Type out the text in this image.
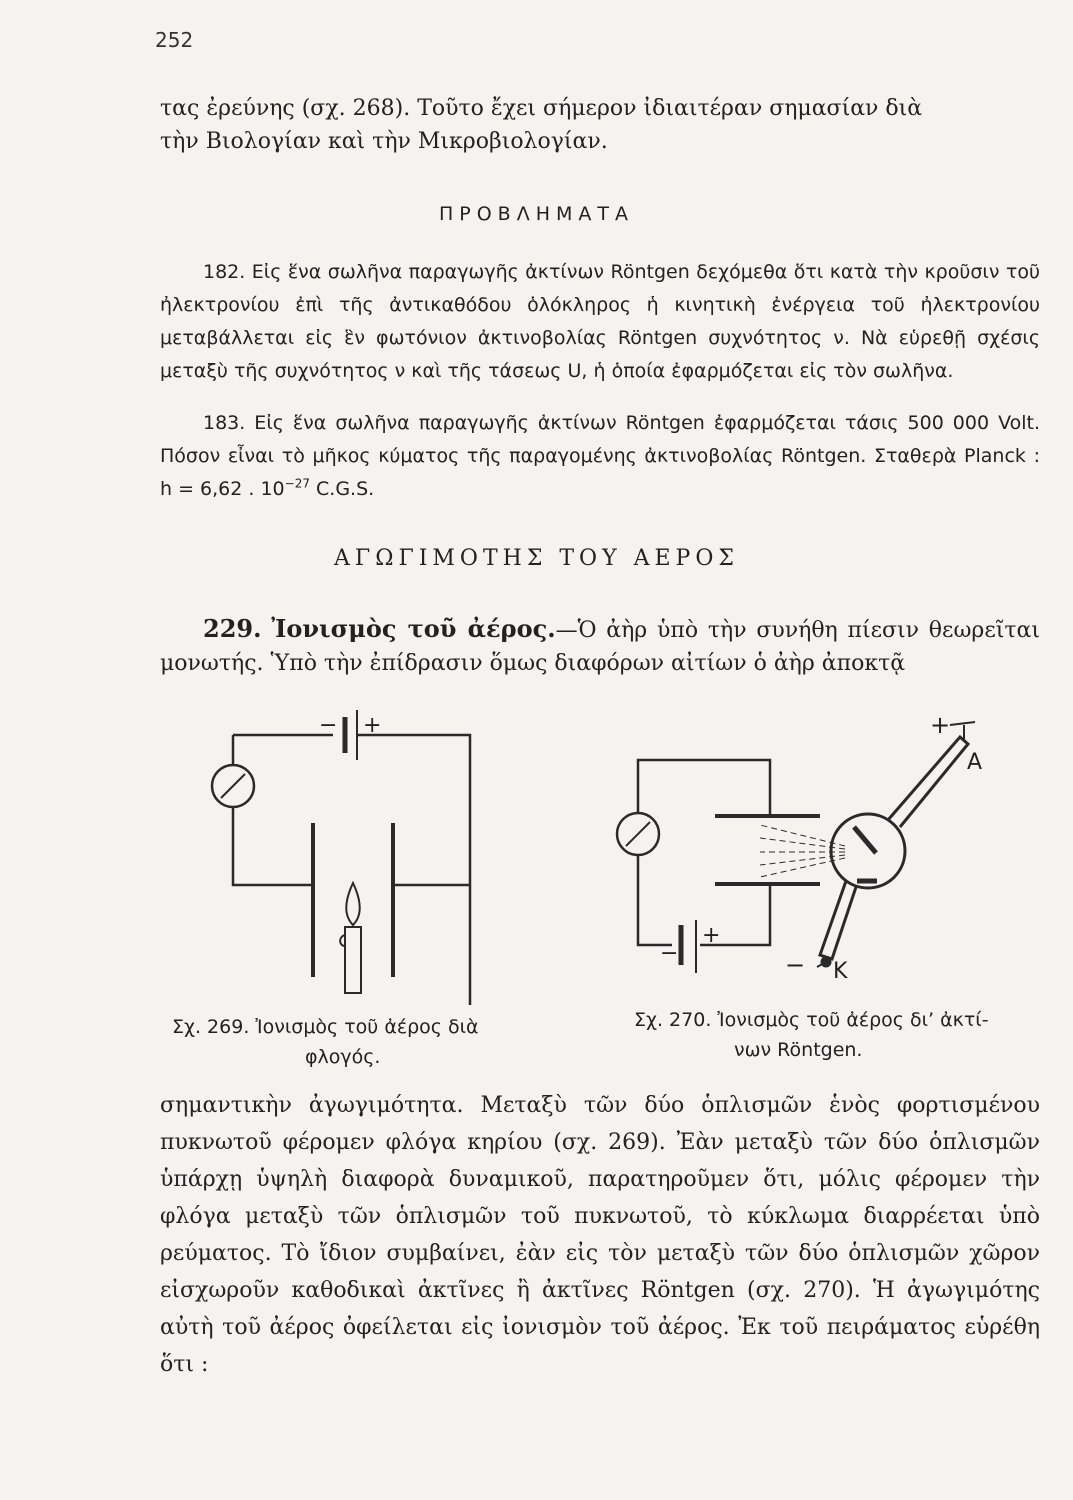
252

τας ἐρεύνης (σχ. 268). Τοῦτο ἔχει σήμερον ἰδιαιτέραν σημασίαν διὰ
τὴν Βιολογίαν καὶ τὴν Μικροβιολογίαν.

ΠΡΟΒΛΗΜΑΤΑ

182. Εἰς ἕνα σωλῆνα παραγωγῆς ἀκτίνων Röntgen δεχόμεθα ὅτι κατὰ τὴν κροῦσιν τοῦ ἠλεκτρονίου ἐπὶ τῆς ἀντικαθόδου ὁλόκληρος ἡ κινητικὴ ἐνέργεια τοῦ ἠλεκτρονίου μεταβάλλεται εἰς ἓν φωτόνιον ἀκτινοβολίας Röntgen συχνότητος ν. Νὰ εὑρεθῇ σχέσις μεταξὺ τῆς συχνότητος ν καὶ τῆς τάσεως U, ἡ ὁποία ἐφαρμόζεται εἰς τὸν σωλῆνα.

183. Εἰς ἕνα σωλῆνα παραγωγῆς ἀκτίνων Röntgen ἐφαρμόζεται τάσις 500 000 Volt. Πόσον εἶναι τὸ μῆκος κύματος τῆς παραγομένης ἀκτινοβολίας Röntgen. Σταθερὰ Planck : h = 6,62 . $10^{-27}$ C.G.S.

ΑΓΩΓΙΜΟΤΗΣ ΤΟΥ ΑΕΡΟΣ

229. Ἰονισμὸς τοῦ ἀέρος.—Ὁ ἀὴρ ὑπὸ τὴν συνήθη πίεσιν θεωρεῖται μονωτής. Ὑπὸ τὴν ἐπίδρασιν ὅμως διαφόρων αἰτίων ὁ ἀὴρ ἀποκτᾷ

− +
Σχ. 269. Ἰονισμὸς τοῦ ἀέρος διὰ
φλογός.
−
+
+
A
− K
Σχ. 270. Ἰονισμὸς τοῦ ἀέρος δι’ ἀκτί-
νων Röntgen.

σημαντικὴν ἀγωγιμότητα. Μεταξὺ τῶν δύο ὁπλισμῶν ἑνὸς φορτισμένου πυκνωτοῦ φέρομεν φλόγα κηρίου (σχ. 269). Ἐὰν μεταξὺ τῶν δύο ὁπλισμῶν ὑπάρχῃ ὑψηλὴ διαφορὰ δυναμικοῦ, παρατηροῦμεν ὅτι, μόλις φέρομεν τὴν φλόγα μεταξὺ τῶν ὁπλισμῶν τοῦ πυκνωτοῦ, τὸ κύκλωμα διαρρέεται ὑπὸ ρεύματος. Τὸ ἴδιον συμβαίνει, ἐὰν εἰς τὸν μεταξὺ τῶν δύο ὁπλισμῶν χῶρον εἰσχωροῦν καθοδικαὶ ἀκτῖνες ἢ ἀκτῖνες Röntgen (σχ. 270). Ἡ ἀγωγιμότης αὐτὴ τοῦ ἀέρος ὀφείλεται εἰς ἰονισμὸν τοῦ ἀέρος. Ἐκ τοῦ πειράματος εὑρέθη ὅτι :
